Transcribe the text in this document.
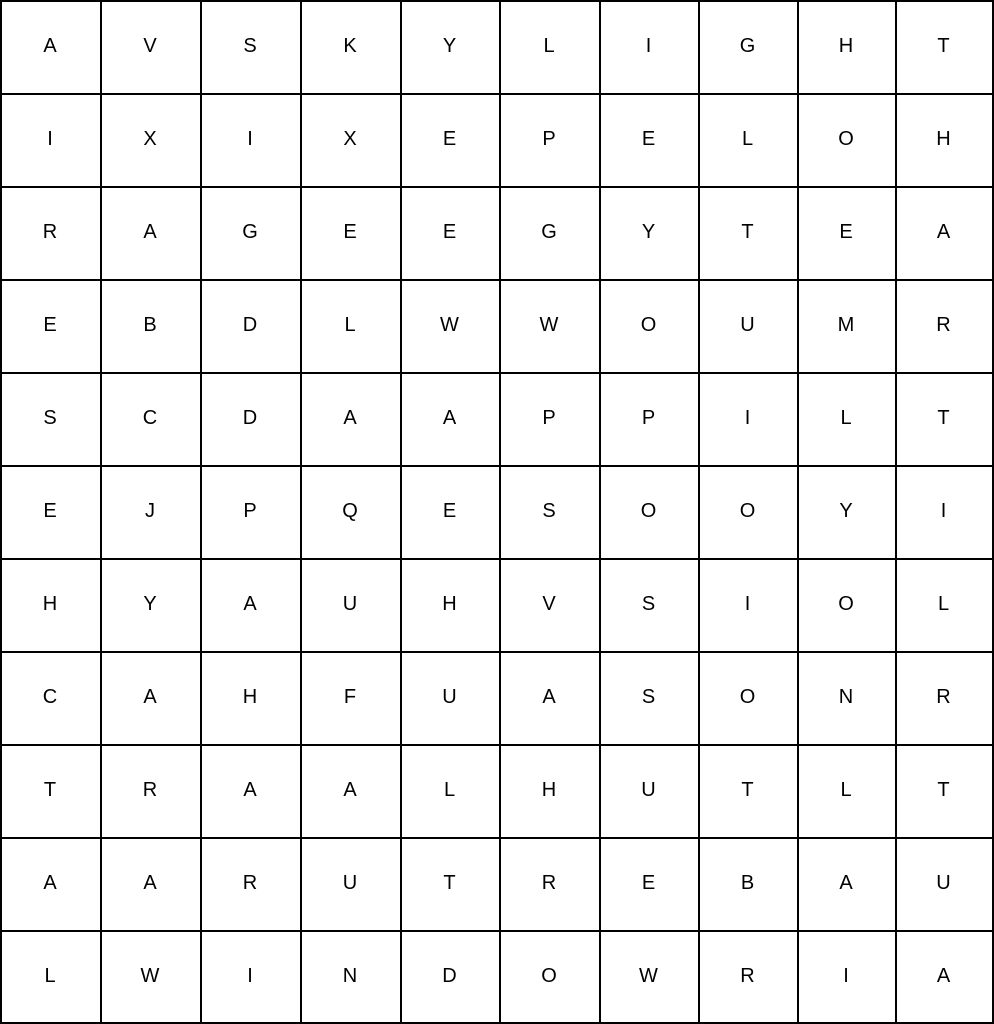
A	V	S	K	Y	L	I	G	H	T
I	X	I	X	E	P	E	L	O	H
R	A	G	E	E	G	Y	T	E	A
E	B	D	L	W	W	O	U	M	R
S	C	D	A	A	P	P	I	L	T
E	J	P	Q	E	S	O	O	Y	I
H	Y	A	U	H	V	S	I	O	L
C	A	H	F	U	A	S	O	N	R
T	R	A	A	L	H	U	T	L	T
A	A	R	U	T	R	E	B	A	U
L	W	I	N	D	O	W	R	I	A
